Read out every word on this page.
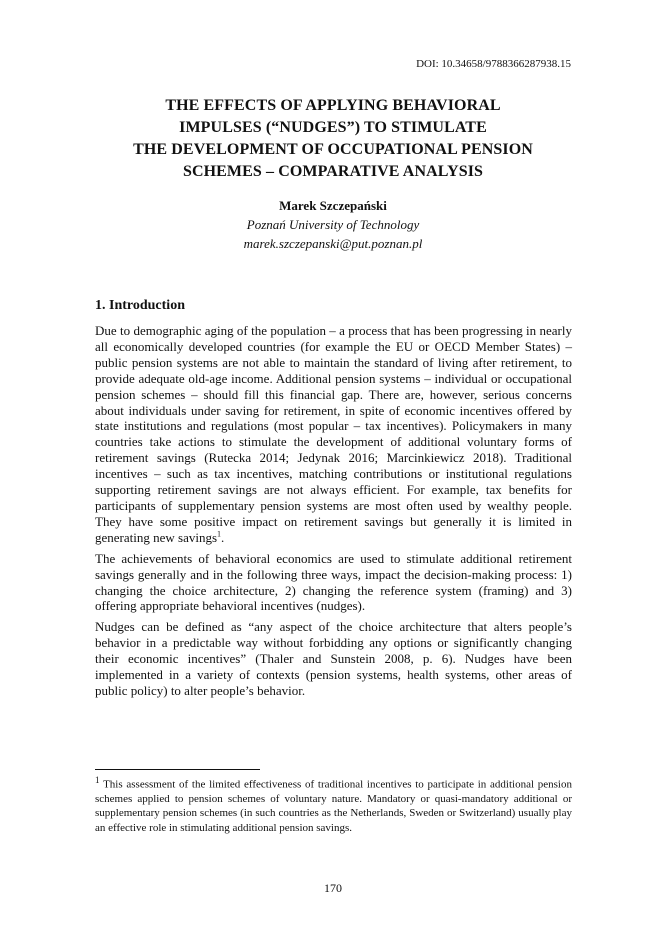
DOI: 10.34658/9788366287938.15
THE EFFECTS OF APPLYING BEHAVIORAL
IMPULSES (“NUDGES”) TO STIMULATE
THE DEVELOPMENT OF OCCUPATIONAL PENSION
SCHEMES – COMPARATIVE ANALYSIS
Marek Szczepański
Poznań University of Technology
marek.szczepanski@put.poznan.pl
1. Introduction

Due to demographic aging of the population – a process that has been progressing in nearly all economically developed countries (for example the EU or OECD Member States) – public pension systems are not able to maintain the standard of living after retirement, to provide adequate old-age income. Additional pension systems – individual or occupational pension schemes – should fill this financial gap. There are, however, serious concerns about individuals under saving for retirement, in spite of economic incentives offered by state institutions and regulations (most popular – tax incentives). Policymakers in many countries take actions to stimulate the development of additional voluntary forms of retirement savings (Rutecka 2014; Jedynak 2016; Marcinkiewicz 2018). Traditional incentives – such as tax incentives, matching contributions or institutional regulations supporting retirement savings are not always efficient. For example, tax benefits for participants of supplementary pension systems are most often used by wealthy people. They have some positive impact on retirement savings but generally it is limited in generating new savings$^1$.

The achievements of behavioral economics are used to stimulate additional retirement savings generally and in the following three ways, impact the decision-making process: 1) changing the choice architecture, 2) changing the reference system (framing) and 3) offering appropriate behavioral incentives (nudges).

Nudges can be defined as “any aspect of the choice architecture that alters people’s behavior in a predictable way without forbidding any options or significantly changing their economic incentives” (Thaler and Sunstein 2008, p. 6). Nudges have been implemented in a variety of contexts (pension systems, health systems, other areas of public policy) to alter people’s behavior.

$^1$ This assessment of the limited effectiveness of traditional incentives to participate in additional pension schemes applied to pension schemes of voluntary nature. Mandatory or quasi-mandatory additional or supplementary pension schemes (in such countries as the Netherlands, Sweden or Switzerland) usually play an effective role in stimulating additional pension savings.
170
